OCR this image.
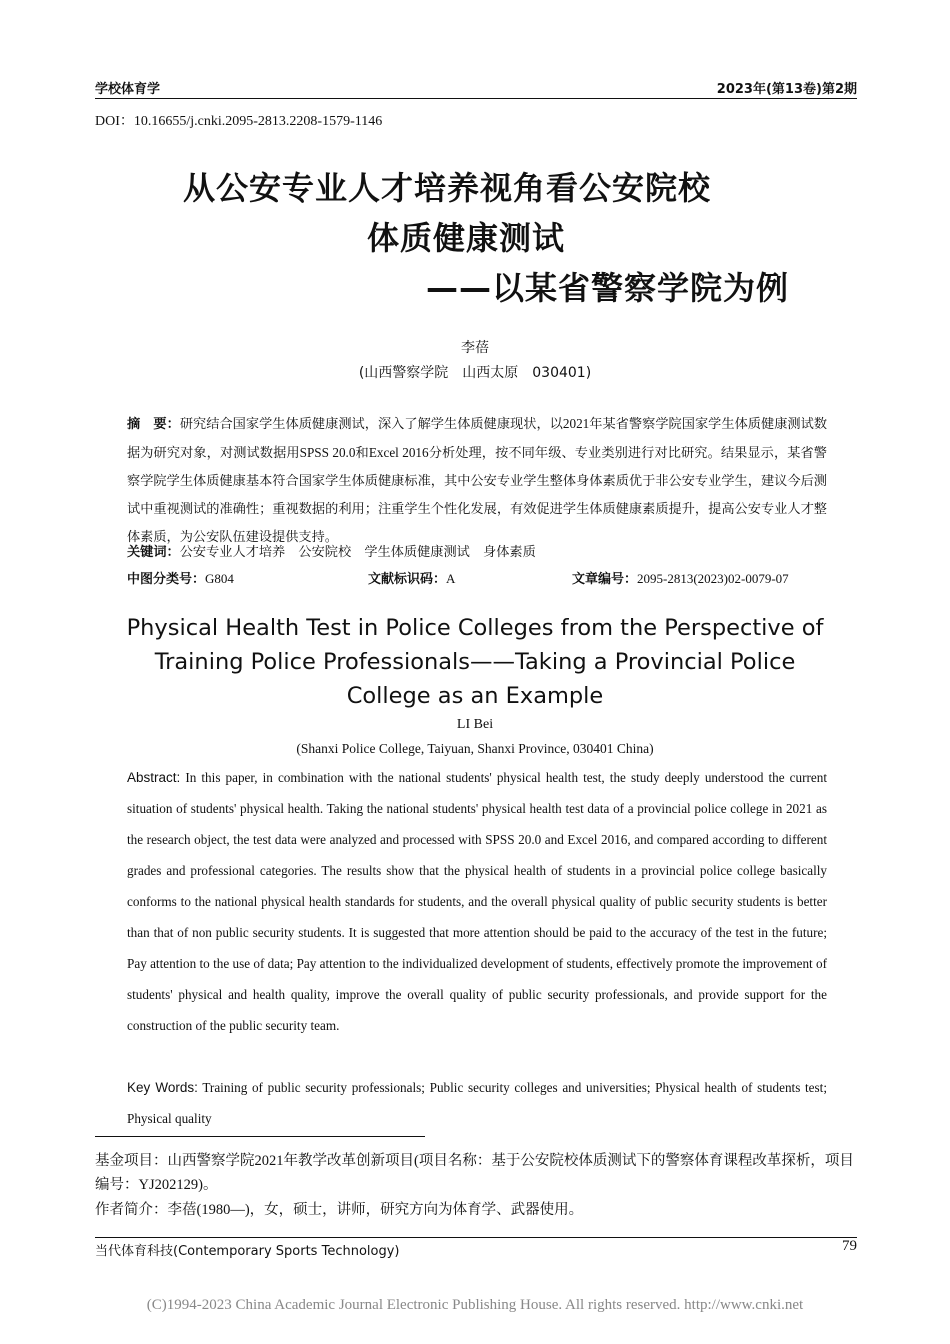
学校体育学	2023年(第13卷)第2期
DOI：10.16655/j.cnki.2095-2813.2208-1579-1146
从公安专业人才培养视角看公安院校
体质健康测试
——以某省警察学院为例
李蓓
(山西警察学院　山西太原　030401)
摘　要：研究结合国家学生体质健康测试，深入了解学生体质健康现状，以2021年某省警察学院国家学生体质健康测试数据为研究对象，对测试数据用SPSS 20.0和Excel 2016分析处理，按不同年级、专业类别进行对比研究。结果显示，某省警察学院学生体质健康基本符合国家学生体质健康标准，其中公安专业学生整体身体素质优于非公安专业学生，建议今后测试中重视测试的准确性；重视数据的利用；注重学生个性化发展，有效促进学生体质健康素质提升，提高公安专业人才整体素质，为公安队伍建设提供支持。
关键词：公安专业人才培养　公安院校　学生体质健康测试　身体素质
中图分类号：G804	文献标识码：A	文章编号：2095-2813(2023)02-0079-07
Physical Health Test in Police Colleges from the Perspective of
Training Police Professionals——Taking a Provincial Police
College as an Example
LI Bei
(Shanxi Police College, Taiyuan, Shanxi Province, 030401 China)
Abstract: In this paper, in combination with the national students' physical health test, the study deeply understood the current situation of students' physical health. Taking the national students' physical health test data of a provincial police college in 2021 as the research object, the test data were analyzed and processed with SPSS 20.0 and Excel 2016, and compared according to different grades and professional categories. The results show that the physical health of students in a provincial police college basically conforms to the national physical health standards for students, and the overall physical quality of public security students is better than that of non public security students. It is suggested that more attention should be paid to the accuracy of the test in the future; Pay attention to the use of data; Pay attention to the individualized development of students, effectively promote the improvement of students' physical and health quality, improve the overall quality of public security professionals, and provide support for the construction of the public security team.
Key Words: Training of public security professionals; Public security colleges and universities; Physical health of students test; Physical quality
基金项目：山西警察学院2021年教学改革创新项目(项目名称：基于公安院校体质测试下的警察体育课程改革探析，项目编号：YJ202129)。
作者简介：李蓓(1980—)，女，硕士，讲师，研究方向为体育学、武器使用。
当代体育科技(Contemporary Sports Technology)	79
(C)1994-2023 China Academic Journal Electronic Publishing House. All rights reserved. http://www.cnki.net
